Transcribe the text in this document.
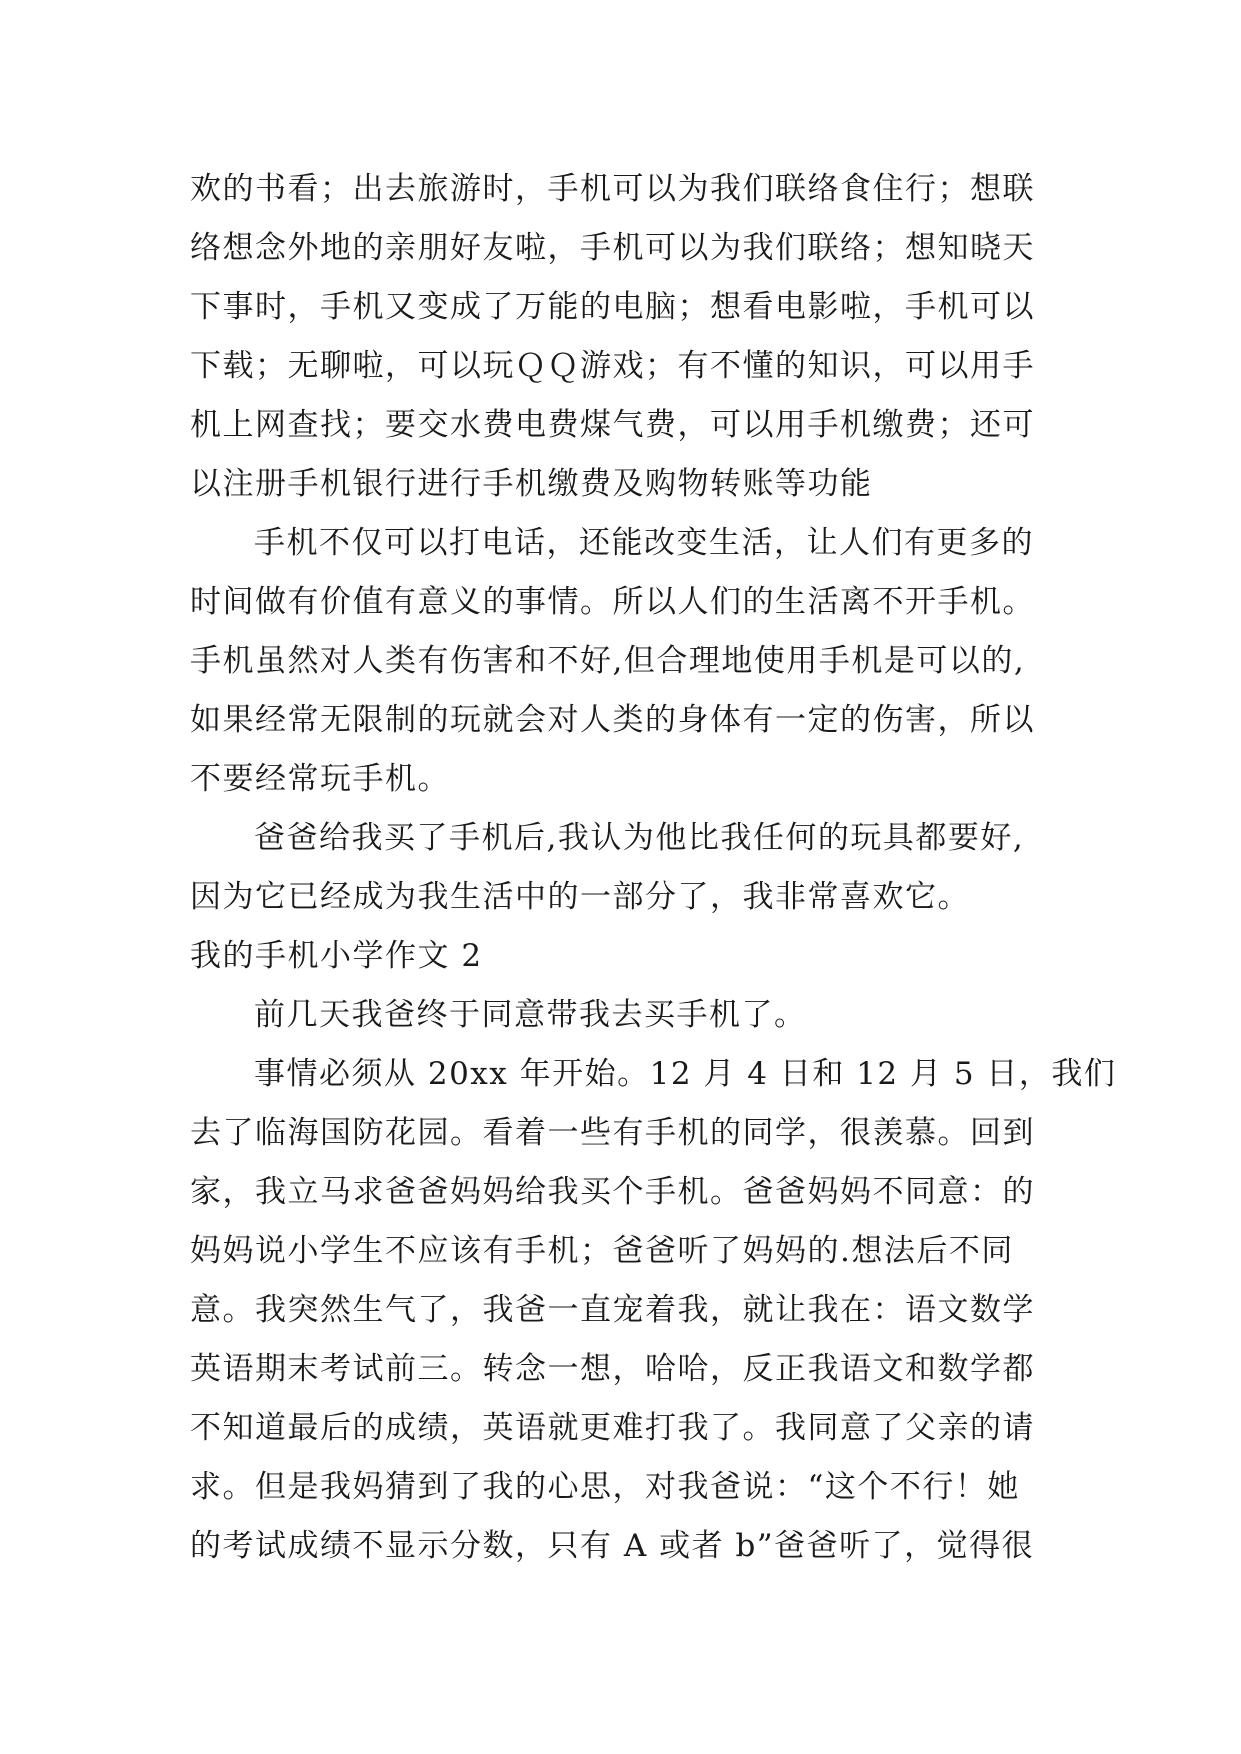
欢的书看；出去旅游时，手机可以为我们联络食住行；想联
络想念外地的亲朋好友啦，手机可以为我们联络；想知晓天
下事时，手机又变成了万能的电脑；想看电影啦，手机可以
下载；无聊啦，可以玩ＱＱ游戏；有不懂的知识，可以用手
机上网查找；要交水费电费煤气费，可以用手机缴费；还可
以注册手机银行进行手机缴费及购物转账等功能
手机不仅可以打电话，还能改变生活，让人们有更多的
时间做有价值有意义的事情。所以人们的生活离不开手机。
手机虽然对人类有伤害和不好,但合理地使用手机是可以的,
如果经常无限制的玩就会对人类的身体有一定的伤害，所以
不要经常玩手机。
爸爸给我买了手机后,我认为他比我任何的玩具都要好,
因为它已经成为我生活中的一部分了，我非常喜欢它。
我的手机小学作文 2
前几天我爸终于同意带我去买手机了。
事情必须从 20xx 年开始。12 月 4 日和 12 月 5 日，我们
去了临海国防花园。看着一些有手机的同学，很羡慕。回到
家，我立马求爸爸妈妈给我买个手机。爸爸妈妈不同意：的
妈妈说小学生不应该有手机；爸爸听了妈妈的.想法后不同
意。我突然生气了，我爸一直宠着我，就让我在：语文数学
英语期末考试前三。转念一想，哈哈，反正我语文和数学都
不知道最后的成绩，英语就更难打我了。我同意了父亲的请
求。但是我妈猜到了我的心思，对我爸说：“这个不行！她
的考试成绩不显示分数，只有 A 或者 b”爸爸听了，觉得很
